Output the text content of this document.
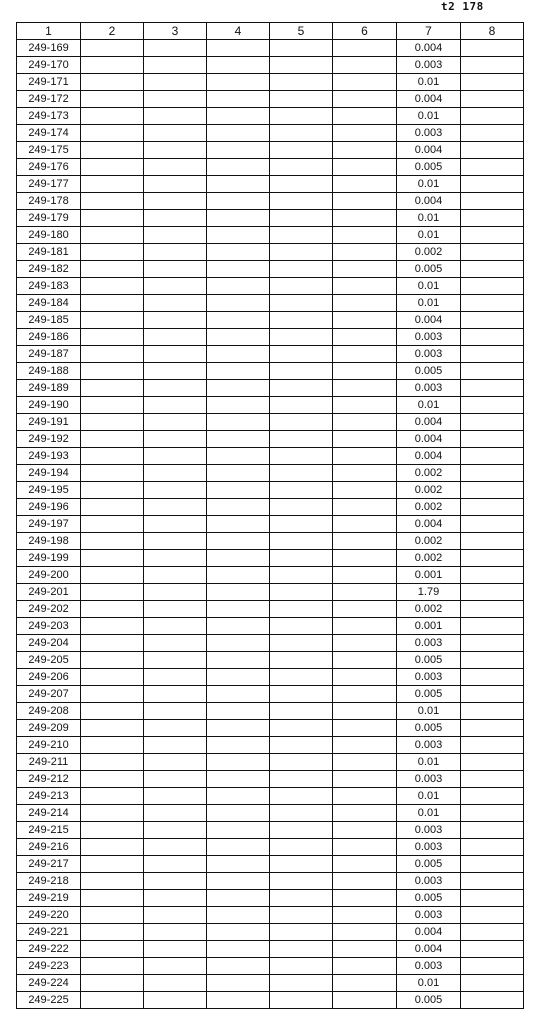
t2 178
1	2	3	4	5	6	7	8
249-169						0.004	
249-170						0.003	
249-171						0.01	
249-172						0.004	
249-173						0.01	
249-174						0.003	
249-175						0.004	
249-176						0.005	
249-177						0.01	
249-178						0.004	
249-179						0.01	
249-180						0.01	
249-181						0.002	
249-182						0.005	
249-183						0.01	
249-184						0.01	
249-185						0.004	
249-186						0.003	
249-187						0.003	
249-188						0.005	
249-189						0.003	
249-190						0.01	
249-191						0.004	
249-192						0.004	
249-193						0.004	
249-194						0.002	
249-195						0.002	
249-196						0.002	
249-197						0.004	
249-198						0.002	
249-199						0.002	
249-200						0.001	
249-201						1.79	
249-202						0.002	
249-203						0.001	
249-204						0.003	
249-205						0.005	
249-206						0.003	
249-207						0.005	
249-208						0.01	
249-209						0.005	
249-210						0.003	
249-211						0.01	
249-212						0.003	
249-213						0.01	
249-214						0.01	
249-215						0.003	
249-216						0.003	
249-217						0.005	
249-218						0.003	
249-219						0.005	
249-220						0.003	
249-221						0.004	
249-222						0.004	
249-223						0.003	
249-224						0.01	
249-225						0.005	
